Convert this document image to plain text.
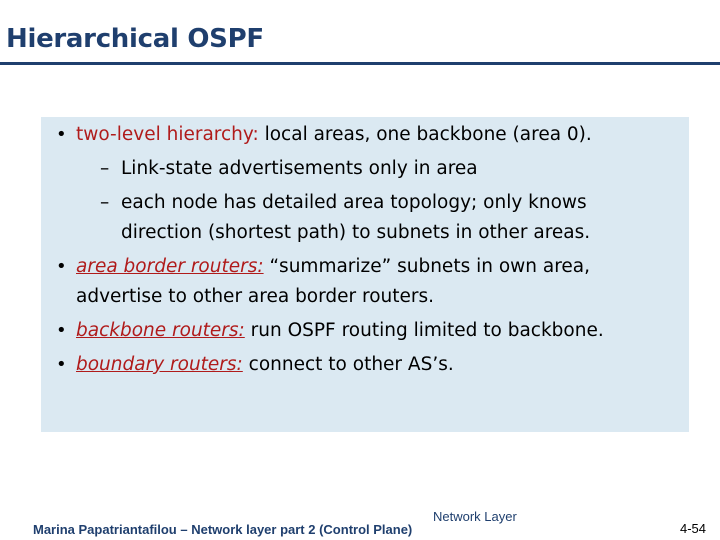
Hierarchical OSPF
• two-level hierarchy: local areas, one backbone (area 0).
– Link-state advertisements only in area
– each node has detailed area topology; only knows
direction (shortest path) to subnets in other areas.
• area border routers: “summarize” subnets in own area,
advertise to other area border routers.
• backbone routers: run OSPF routing limited to backbone.
• boundary routers: connect to other AS’s.
Network Layer
Marina Papatriantafilou – Network layer part 2 (Control Plane)	4-54
